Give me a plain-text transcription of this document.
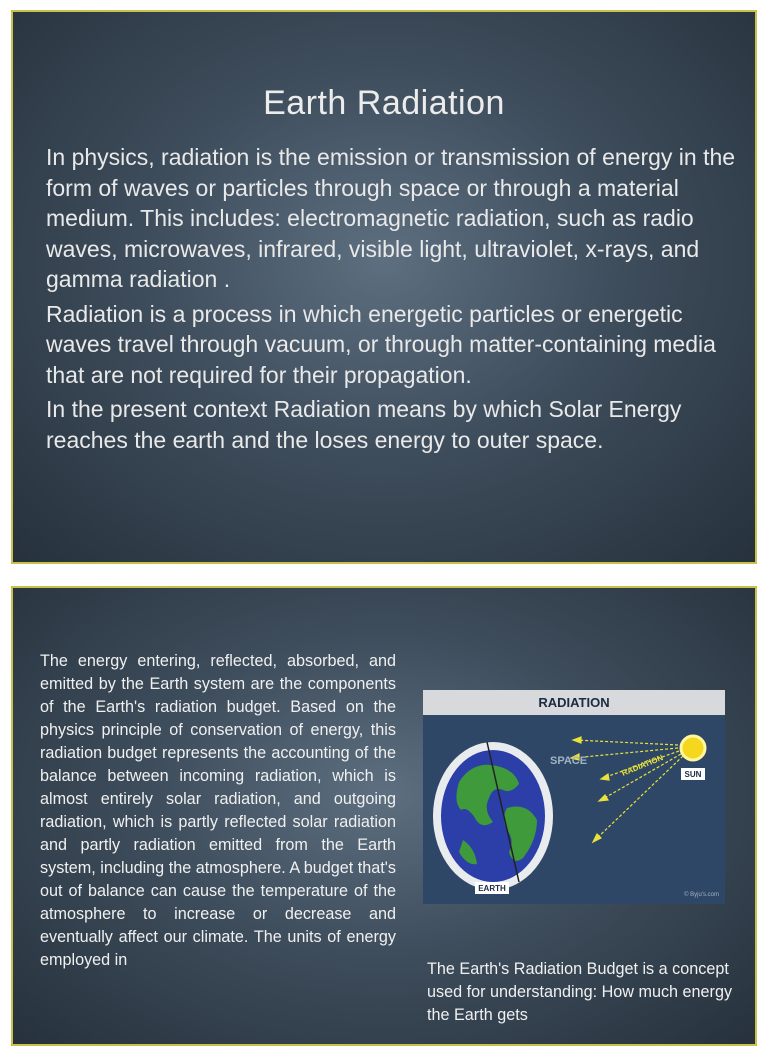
Earth Radiation

In physics, radiation is the emission or transmission of energy in the form of waves or particles through space or through a material medium. This includes: electromagnetic radiation, such as radio waves, microwaves, infrared, visible light, ultraviolet, x-rays, and gamma radiation .

Radiation is a process in which energetic particles or energetic waves travel through vacuum, or through matter-containing media that are not required for their propagation.

In the present context Radiation means by which Solar Energy reaches the earth and the loses energy to outer space.

The energy entering, reflected, absorbed, and emitted by the Earth system are the components of the Earth's radiation budget. Based on the physics principle of conservation of energy, this radiation budget represents the accounting of the balance between incoming radiation, which is almost entirely solar radiation, and outgoing radiation, which is partly reflected solar radiation and partly radiation emitted from the Earth system, including the atmosphere. A budget that's out of balance can cause the temperature of the atmosphere to increase or decrease and eventually affect our climate. The units of energy employed in
RADIATION
SPACE	RADIATION	SUN
EARTH
© Byju's.com
The Earth's Radiation Budget is a concept used for understanding: How much energy the Earth gets
